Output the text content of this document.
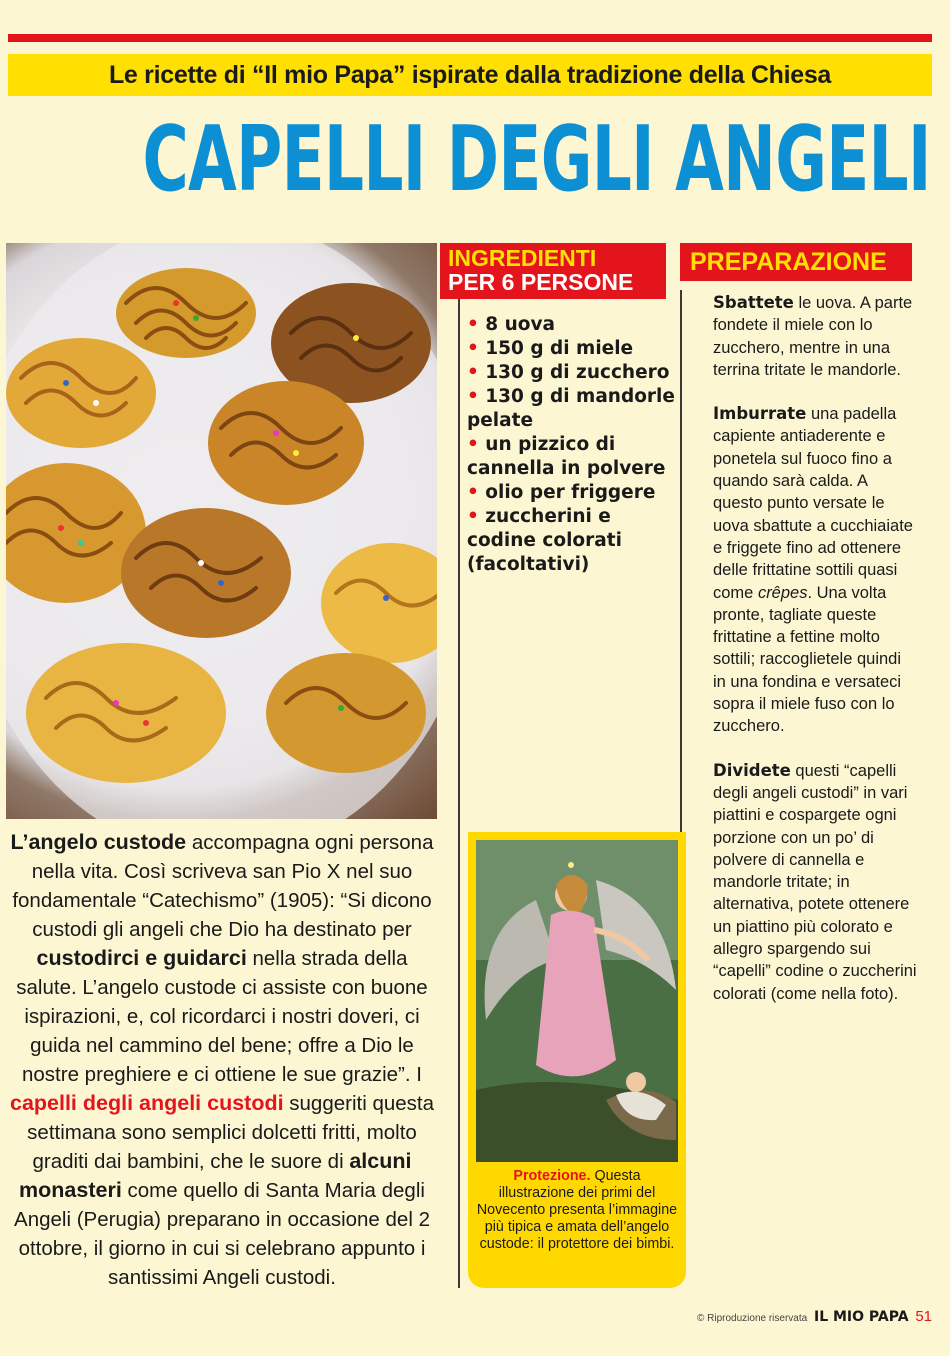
Le ricette di “Il mio Papa” ispirate dalla tradizione della Chiesa
CAPELLI DEGLI ANGELI

L’angelo custode accompagna ogni persona nella vita. Così scriveva san Pio X nel suo fondamentale “Catechismo” (1905): “Si dicono custodi gli angeli che Dio ha destinato per custodirci e guidarci nella strada della salute. L’angelo custode ci assiste con buone ispirazioni, e, col ricordarci i nostri doveri, ci guida nel cammino del bene; offre a Dio le nostre preghiere e ci ottiene le sue grazie”. I capelli degli angeli custodi suggeriti questa settimana sono semplici dolcetti fritti, molto graditi dai bambini, che le suore di alcuni monasteri come quello di Santa Maria degli Angeli (Perugia) preparano in occasione del 2 ottobre, il giorno in cui si celebrano appunto i santissimi Angeli custodi.

INGREDIENTI
PER 6 PERSONE
• 8 uova
• 150 g di miele
• 130 g di zucchero
• 130 g di mandorle pelate
• un pizzico di cannella in polvere
• olio per friggere
• zuccherini e codine colorati (facoltativi)
PREPARAZIONE

Sbattete le uova. A parte fondete il miele con lo zucchero, mentre in una terrina tritate le mandorle.

Imburrate una padella capiente antiaderente e ponetela sul fuoco fino a quando sarà calda. A questo punto versate le uova sbattute a cucchiaiate e friggete fino ad ottenere delle frittatine sottili quasi come crêpes. Una volta pronte, tagliate queste frittatine a fettine molto sottili; raccoglietele quindi in una fondina e versateci sopra il miele fuso con lo zucchero.

Dividete questi “capelli degli angeli custodi” in vari piattini e cospargete ogni porzione con un po’ di polvere di cannella e mandorle tritate; in alternativa, potete ottenere un piattino più colorato e allegro spargendo sui “capelli” codine o zuccherini colorati (come nella foto).

Protezione. Questa illustrazione dei primi del Novecento presenta l’immagine più tipica e amata dell’angelo custode: il protettore dei bimbi.
© Riproduzione riservata IL MIO PAPA 51
